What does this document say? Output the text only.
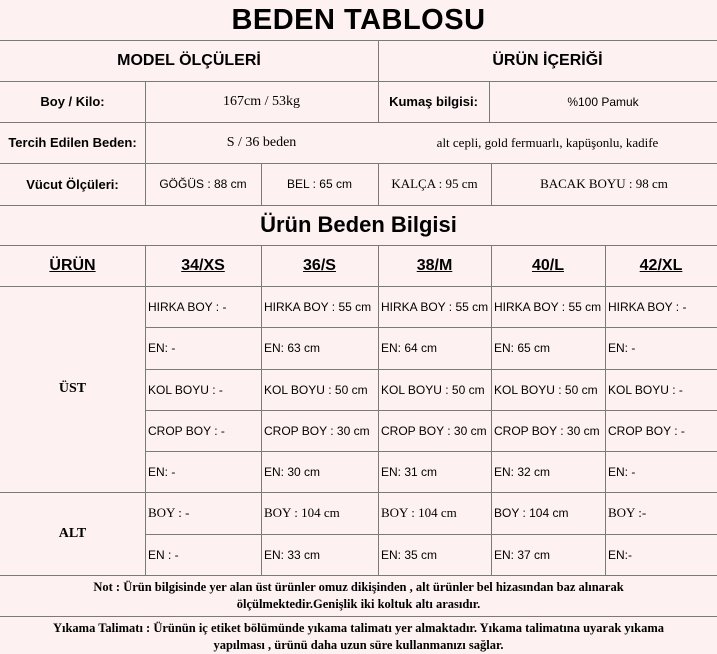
BEDEN TABLOSU
MODEL ÖLÇÜLERİ	ÜRÜN İÇERİĞİ
Boy / Kilo:	167cm / 53kg	Kumaş bilgisi:	%100 Pamuk
Tercih Edilen Beden:	S / 36 beden	alt cepli, gold fermuarlı, kapüşonlu, kadife
Vücut Ölçüleri:	GÖĞÜS : 88 cm	BEL : 65 cm	KALÇA : 95 cm	BACAK BOYU : 98 cm
Ürün Beden Bilgisi
ÜRÜN	34/XS	36/S	38/M	40/L	42/XL
ÜST
ALT
HIRKA BOY : -	HIRKA BOY : 55 cm HIRKA BOY : 55 cm HIRKA BOY : 55 cm HIRKA BOY : -
EN: -	EN: 63 cm	EN: 64 cm	EN: 65 cm	EN: -
KOL BOYU : -	KOL BOYU : 50 cm	KOL BOYU : 50 cm KOL BOYU : 50 cm KOL BOYU : -
CROP BOY : -	CROP BOY : 30 cm CROP BOY : 30 cm CROP BOY : 30 cm CROP BOY : -
EN: -	EN: 30 cm	EN: 31 cm	EN: 32 cm	EN: -
BOY : -	BOY : 104 cm	BOY : 104 cm	BOY : 104 cm	BOY :-
EN : -	EN: 33 cm	EN: 35 cm	EN: 37 cm	EN:-
Not : Ürün bilgisinde yer alan üst ürünler omuz dikişinden , alt ürünler bel hizasından baz alınarak
ölçülmektedir.Genişlik iki koltuk altı arasıdır.
Yıkama Talimatı : Ürünün iç etiket bölümünde yıkama talimatı yer almaktadır. Yıkama talimatına uyarak yıkama
yapılması , ürünü daha uzun süre kullanmanızı sağlar.
